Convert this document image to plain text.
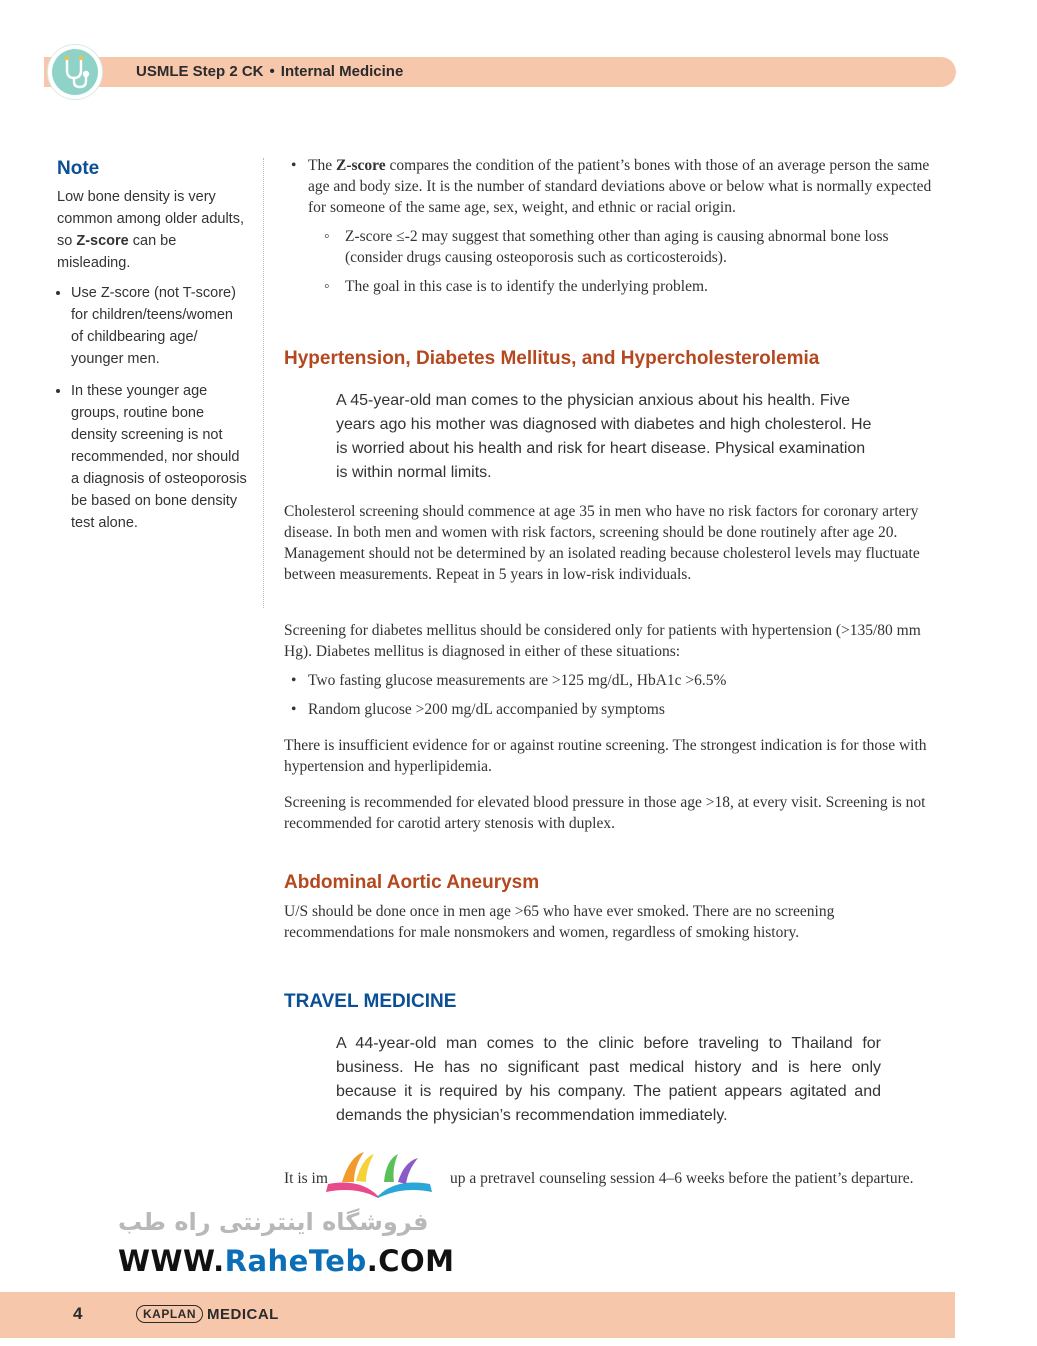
USMLE Step 2 CK • Internal Medicine
Note

Low bone density is very common among older adults, so Z-score can be misleading.

• Use Z-score (not T-score) for children/teens/women of childbearing age/ younger men.
• In these younger age groups, routine bone density screening is not recommended, nor should a diagnosis of osteoporosis be based on bone density test alone.
• The Z-score compares the condition of the patient’s bones with those of an average person the same age and body size. It is the number of standard deviations above or below what is normally expected for someone of the same age, sex, weight, and ethnic or racial origin.
◦ Z-score ≤-2 may suggest that something other than aging is causing abnormal bone loss (consider drugs causing osteoporosis such as corticosteroids).
◦ The goal in this case is to identify the underlying problem.
Hypertension, Diabetes Mellitus, and Hypercholesterolemia
A 45-year-old man comes to the physician anxious about his health. Five years ago his mother was diagnosed with diabetes and high cholesterol. He is worried about his health and risk for heart disease. Physical examination is within normal limits.
Cholesterol screening should commence at age 35 in men who have no risk factors for coronary artery disease. In both men and women with risk factors, screening should be done routinely after age 20. Management should not be determined by an isolated reading because cholesterol levels may fluctuate between measurements. Repeat in 5 years in low-risk individuals.
Screening for diabetes mellitus should be considered only for patients with hypertension (>135/80 mm Hg). Diabetes mellitus is diagnosed in either of these situations:
• Two fasting glucose measurements are >125 mg/dL, HbA1c >6.5%
• Random glucose >200 mg/dL accompanied by symptoms
There is insufficient evidence for or against routine screening. The strongest indication is for those with hypertension and hyperlipidemia.
Screening is recommended for elevated blood pressure in those age >18, at every visit. Screening is not recommended for carotid artery stenosis with duplex.
Abdominal Aortic Aneurysm
U/S should be done once in men age >65 who have ever smoked. There are no screening recommendations for male nonsmokers and women, regardless of smoking history.
TRAVEL MEDICINE
A 44-year-old man comes to the clinic before traveling to Thailand for business. He has no significant past medical history and is here only because it is required by his company. The patient appears agitated and demands the physician’s recommendation immediately.
It is im	up a pretravel counseling session 4–6 weeks before the patient’s departure.
فروشگاه اینترنتی راه طب
WWW.RaheTeb.COM
4	KAPLAN MEDICAL
